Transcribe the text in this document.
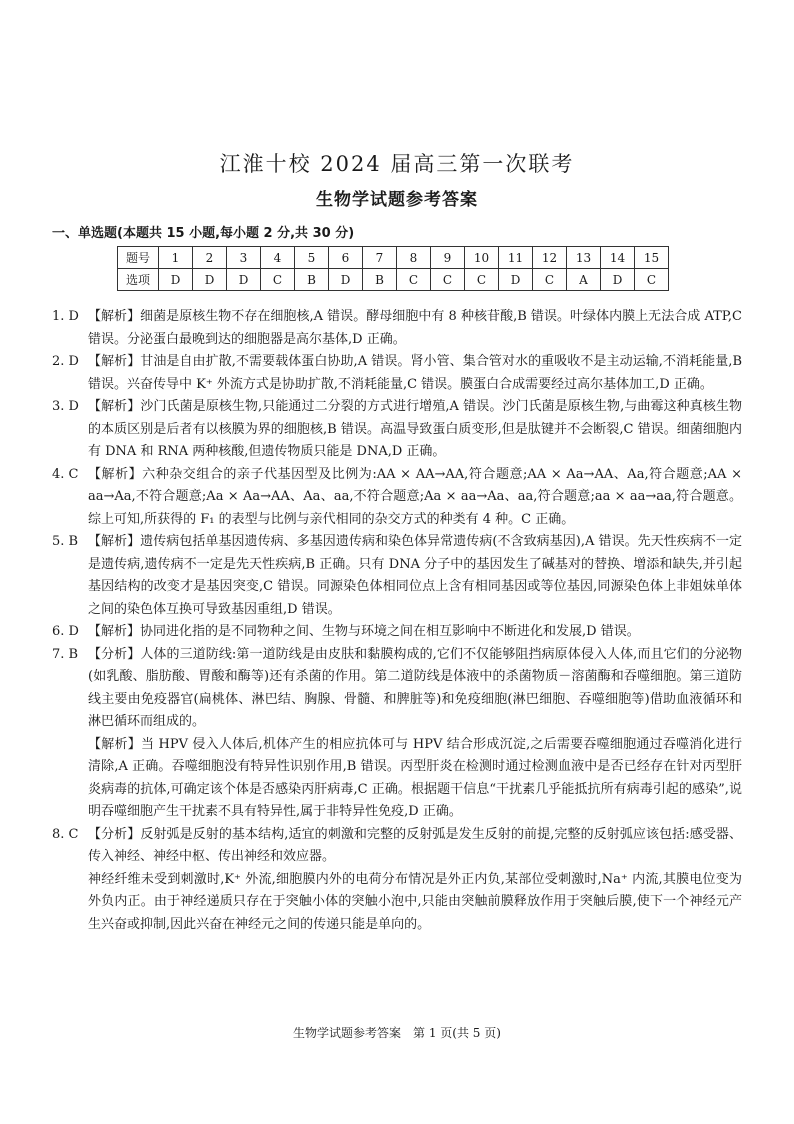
江淮十校 2024 届高三第一次联考
生物学试题参考答案
一、单选题(本题共 15 小题,每小题 2 分,共 30 分)
题号	1	2	3	4	5	6	7	8	9	10	11	12	13	14	15
选项	D	D	D	C	B	D	B	C	C	C	D	C	A	D	C
1. D 【解析】细菌是原核生物不存在细胞核,A 错误。酵母细胞中有 8 种核苷酸,B 错误。叶绿体内膜上无法合成 ATP,C 错误。分泌蛋白最晚到达的细胞器是高尔基体,D 正确。
2. D 【解析】甘油是自由扩散,不需要载体蛋白协助,A 错误。肾小管、集合管对水的重吸收不是主动运输,不消耗能量,B 错误。兴奋传导中 K⁺ 外流方式是协助扩散,不消耗能量,C 错误。膜蛋白合成需要经过高尔基体加工,D 正确。
3. D 【解析】沙门氏菌是原核生物,只能通过二分裂的方式进行增殖,A 错误。沙门氏菌是原核生物,与曲霉这种真核生物的本质区别是后者有以核膜为界的细胞核,B 错误。高温导致蛋白质变形,但是肽键并不会断裂,C 错误。细菌细胞内有 DNA 和 RNA 两种核酸,但遗传物质只能是 DNA,D 正确。
4. C 【解析】六种杂交组合的亲子代基因型及比例为:AA × AA→AA,符合题意;AA × Aa→AA、Aa,符合题意;AA × aa→Aa,不符合题意;Aa × Aa→AA、Aa、aa,不符合题意;Aa × aa→Aa、aa,符合题意;aa × aa→aa,符合题意。综上可知,所获得的 F₁ 的表型与比例与亲代相同的杂交方式的种类有 4 种。C 正确。
5. B 【解析】遗传病包括单基因遗传病、多基因遗传病和染色体异常遗传病(不含致病基因),A 错误。先天性疾病不一定是遗传病,遗传病不一定是先天性疾病,B 正确。只有 DNA 分子中的基因发生了碱基对的替换、增添和缺失,并引起基因结构的改变才是基因突变,C 错误。同源染色体相同位点上含有相同基因或等位基因,同源染色体上非姐妹单体之间的染色体互换可导致基因重组,D 错误。
6. D 【解析】协同进化指的是不同物种之间、生物与环境之间在相互影响中不断进化和发展,D 错误。
7. B 【分析】人体的三道防线:第一道防线是由皮肤和黏膜构成的,它们不仅能够阻挡病原体侵入人体,而且它们的分泌物(如乳酸、脂肪酸、胃酸和酶等)还有杀菌的作用。第二道防线是体液中的杀菌物质－溶菌酶和吞噬细胞。第三道防线主要由免疫器官(扁桃体、淋巴结、胸腺、骨髓、和脾脏等)和免疫细胞(淋巴细胞、吞噬细胞等)借助血液循环和淋巴循环而组成的。
【解析】当 HPV 侵入人体后,机体产生的相应抗体可与 HPV 结合形成沉淀,之后需要吞噬细胞通过吞噬消化进行清除,A 正确。吞噬细胞没有特异性识别作用,B 错误。丙型肝炎在检测时通过检测血液中是否已经存在针对丙型肝炎病毒的抗体,可确定该个体是否感染丙肝病毒,C 正确。根据题干信息“干扰素几乎能抵抗所有病毒引起的感染”,说明吞噬细胞产生干扰素不具有特异性,属于非特异性免疫,D 正确。
8. C 【分析】反射弧是反射的基本结构,适宜的刺激和完整的反射弧是发生反射的前提,完整的反射弧应该包括:感受器、传入神经、神经中枢、传出神经和效应器。
神经纤维未受到刺激时,K⁺ 外流,细胞膜内外的电荷分布情况是外正内负,某部位受刺激时,Na⁺ 内流,其膜电位变为外负内正。由于神经递质只存在于突触小体的突触小泡中,只能由突触前膜释放作用于突触后膜,使下一个神经元产生兴奋或抑制,因此兴奋在神经元之间的传递只能是单向的。
生物学试题参考答案　第 1 页(共 5 页)
